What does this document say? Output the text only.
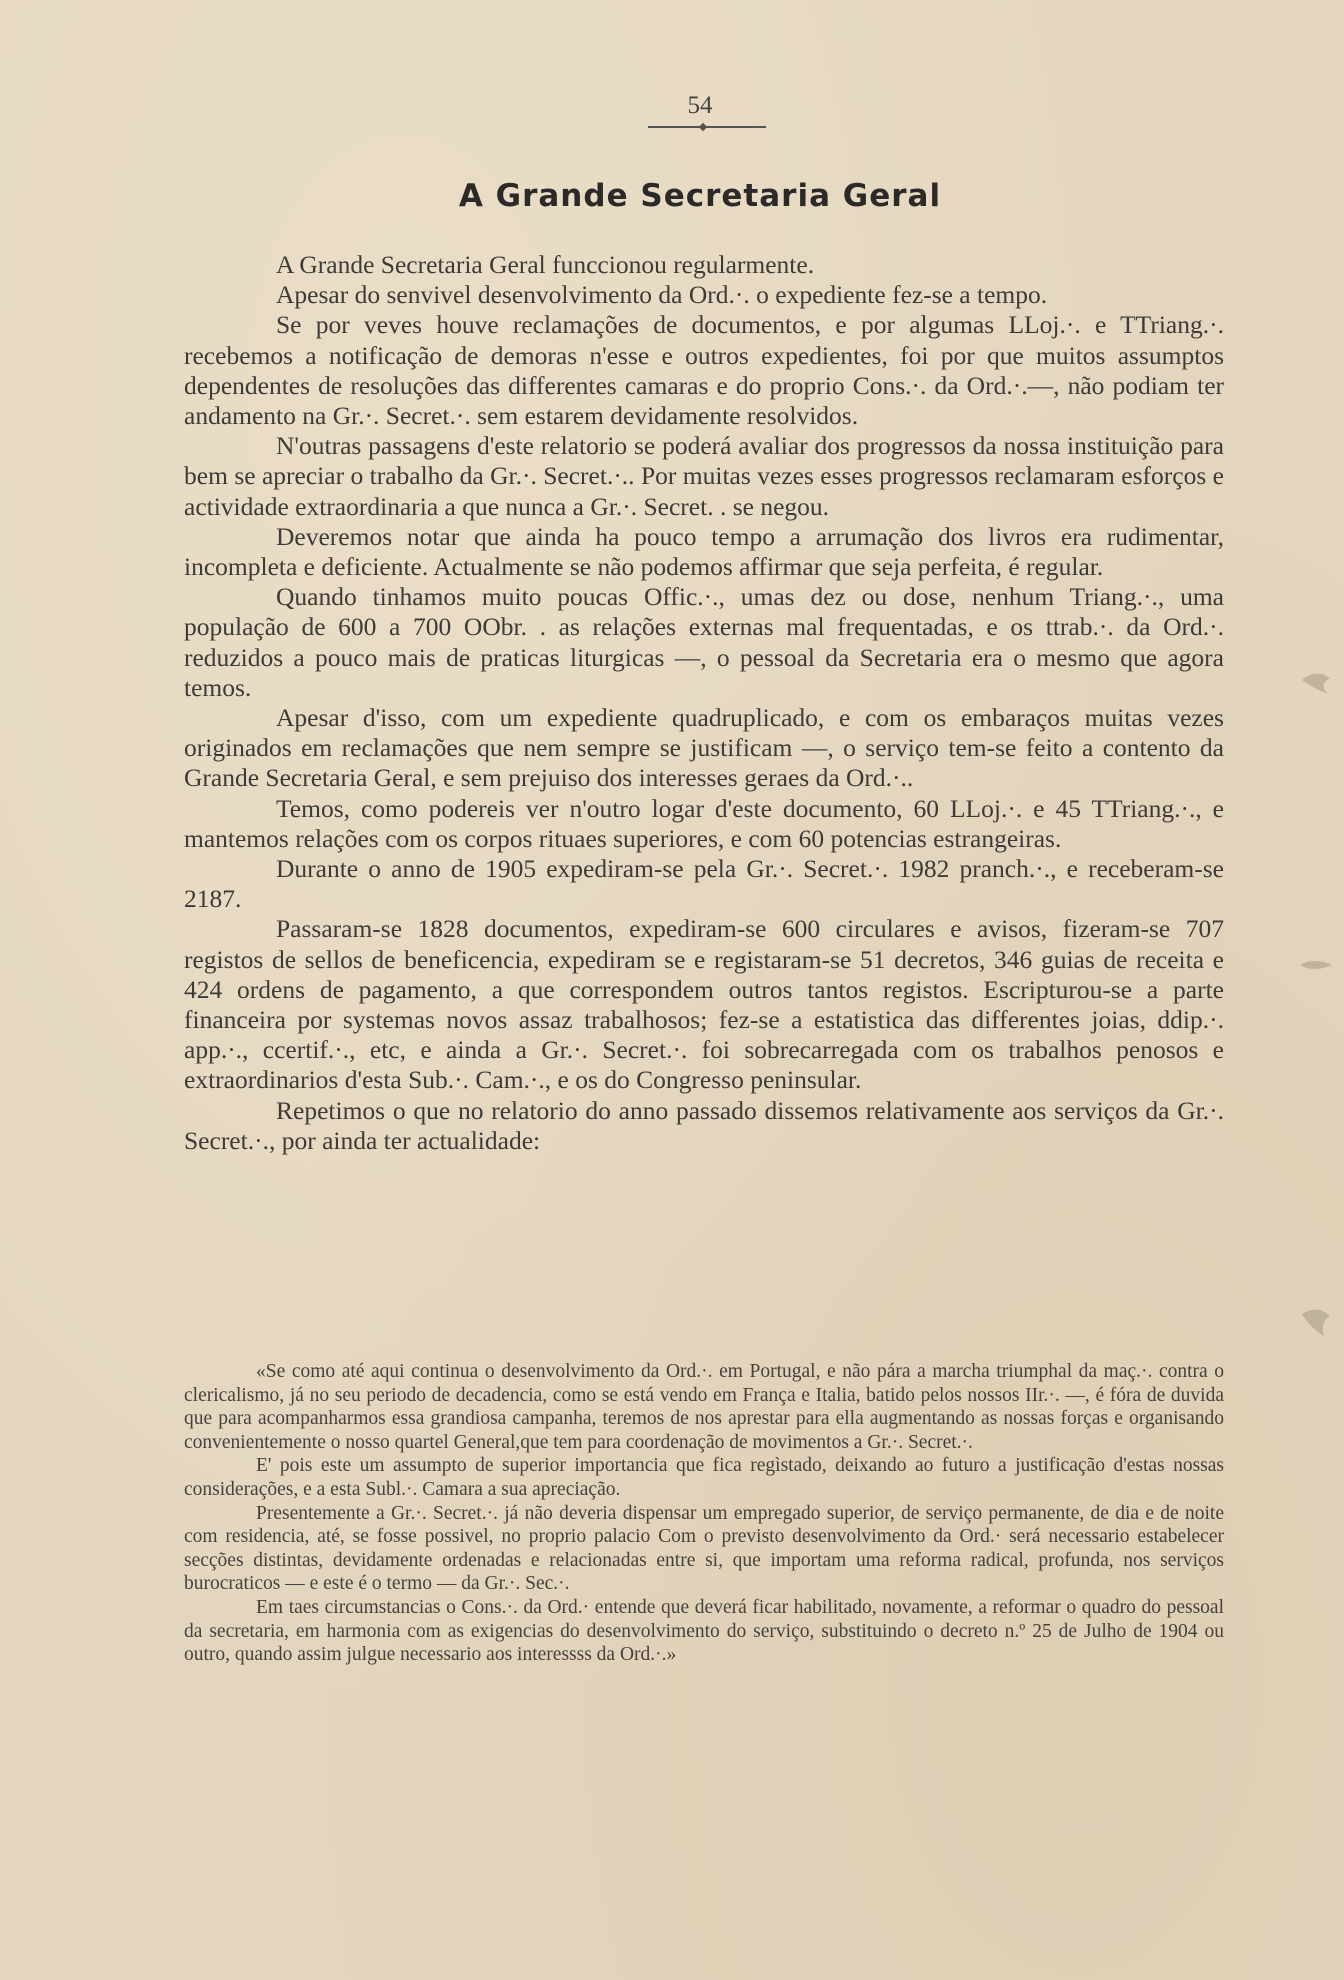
54
A Grande Secretaria Geral

A Grande Secretaria Geral funccionou regularmente.

Apesar do senvivel desenvolvimento da Ord.·. o expediente fez-se a tempo.

Se por veves houve reclamações de documentos, e por algumas LLoj.·. e TTriang.·. recebemos a notificação de demoras n'esse e outros expedientes, foi por que muitos assumptos dependentes de resoluções das differentes camaras e do proprio Cons.·. da Ord.·.—, não podiam ter andamento na Gr.·. Secret.·. sem estarem devidamente resolvidos.

N'outras passagens d'este relatorio se poderá avaliar dos progressos da nossa instituição para bem se apreciar o trabalho da Gr.·. Secret.·.. Por muitas vezes esses progressos reclamaram esforços e actividade extraordinaria a que nunca a Gr.·. Secret. . se negou.

Deveremos notar que ainda ha pouco tempo a arrumação dos livros era rudimentar, incompleta e deficiente. Actualmente se não podemos affirmar que seja perfeita, é regular.

Quando tinhamos muito poucas Offic.·., umas dez ou dose, nenhum Triang.·., uma população de 600 a 700 OObr. . as relações externas mal frequentadas, e os ttrab.·. da Ord.·. reduzidos a pouco mais de praticas liturgicas —, o pessoal da Secretaria era o mesmo que agora temos.

Apesar d'isso, com um expediente quadruplicado, e com os embaraços muitas vezes originados em reclamações que nem sempre se justificam —, o serviço tem-se feito a contento da Grande Secretaria Geral, e sem prejuiso dos interesses geraes da Ord.·..

Temos, como podereis ver n'outro logar d'este documento, 60 LLoj.·. e 45 TTriang.·., e mantemos relações com os corpos rituaes superiores, e com 60 potencias estrangeiras.

Durante o anno de 1905 expediram-se pela Gr.·. Secret.·. 1982 pranch.·., e receberam-se 2187.

Passaram-se 1828 documentos, expediram-se 600 circulares e avisos, fizeram-se 707 registos de sellos de beneficencia, expediram se e registaram-se 51 decretos, 346 guias de receita e 424 ordens de pagamento, a que correspondem outros tantos registos. Escripturou-se a parte financeira por systemas novos assaz trabalhosos; fez-se a estatistica das differentes joias, ddip.·. app.·., ccertif.·., etc, e ainda a Gr.·. Secret.·. foi sobrecarregada com os trabalhos penosos e extraordinarios d'esta Sub.·. Cam.·., e os do Congresso peninsular.

Repetimos o que no relatorio do anno passado dissemos relativamente aos serviços da Gr.·. Secret.·., por ainda ter actualidade:

«Se como até aqui continua o desenvolvimento da Ord.·. em Portugal, e não pára a marcha triumphal da maç.·. contra o clericalismo, já no seu periodo de decadencia, como se está vendo em França e Italia, batido pelos nossos IIr.·. —, é fóra de duvida que para acompanharmos essa grandiosa campanha, teremos de nos aprestar para ella augmentando as nossas forças e organisando convenientemente o nosso quartel General,que tem para coordenação de movimentos a Gr.·. Secret.·.

E' pois este um assumpto de superior importancia que fica regìstado, deixando ao futuro a justificação d'estas nossas considerações, e a esta Subl.·. Camara a sua apreciação.

Presentemente a Gr.·. Secret.·. já não deveria dispensar um empregado superior, de serviço permanente, de dia e de noite com residencia, até, se fosse possivel, no proprio palacio Com o previsto desenvolvimento da Ord.· será necessario estabelecer secções distintas, devidamente ordenadas e relacionadas entre si, que importam uma reforma radical, profunda, nos serviços burocraticos — e este é o termo — da Gr.·. Sec.·.

Em taes circumstancias o Cons.·. da Ord.· entende que deverá ficar habilitado, novamente, a reformar o quadro do pessoal da secretaria, em harmonia com as exigencias do desenvolvimento do serviço, substituindo o decreto n.º 25 de Julho de 1904 ou outro, quando assim julgue necessario aos interessss da Ord.·.»
